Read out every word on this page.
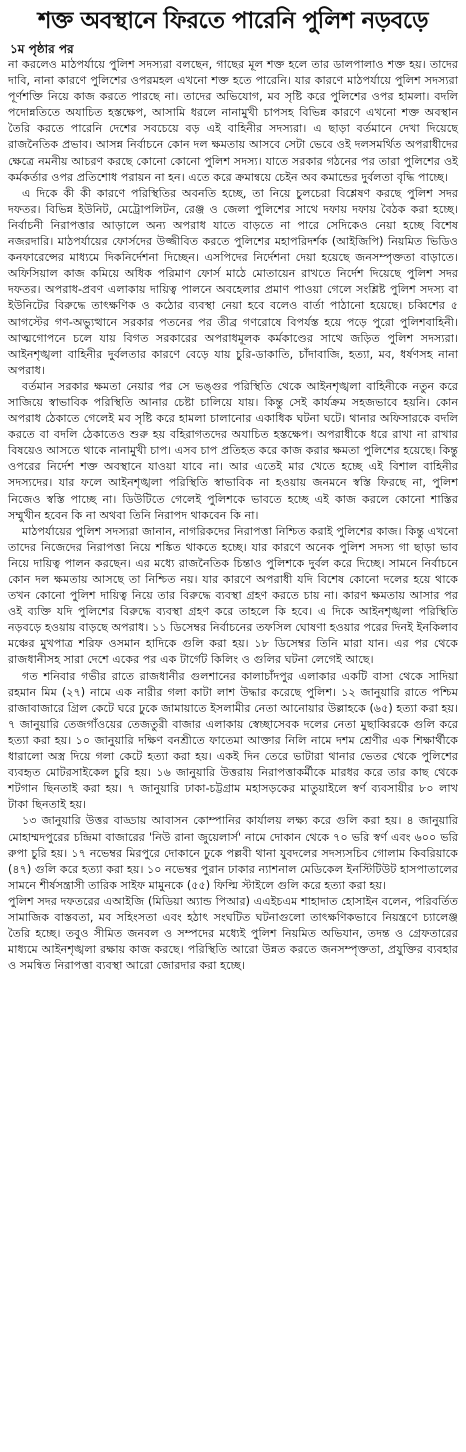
শক্ত অবস্থানে ফিরতে পারেনি পুলিশ নড়বড়ে
১ম পৃষ্ঠার পর

না করলেও মাঠপর্যায়ে পুলিশ সদস্যরা বলছেন, গাছের মূল শক্ত হলে তার ডালপালাও শক্ত হয়। তাদের দাবি, নানা কারণে পুলিশের ওপরমহল এখনো শক্ত হতে পারেনি। যার কারণে মাঠপর্যায়ে পুলিশ সদস্যরা পূর্ণশক্তি নিয়ে কাজ করতে পারছে না। তাদের অভিযোগ, মব সৃষ্টি করে পুলিশের ওপর হামলা। বদলি পদোন্নতিতে অযাচিত হস্তক্ষেপ, আসামি ধরলে নানামুখী চাপসহ বিভিন্ন কারণে এখনো শক্ত অবস্থান তৈরি করতে পারেনি দেশের সবচেয়ে বড় এই বাহিনীর সদস্যরা। এ ছাড়া বর্তমানে দেখা দিয়েছে রাজনৈতিক প্রভাব। আসন্ন নির্বাচনে কোন দল ক্ষমতায় আসবে সেটা ভেবে ওই দলসমর্থিত অপরাধীদের ক্ষেত্রে নমনীয় আচরণ করছে কোনো কোনো পুলিশ সদস্য। যাতে সরকার গঠনের পর তারা পুলিশের ওই কর্মকর্তার ওপর প্রতিশোধ পরায়ন না হন। এতে করে ক্রমান্বয়ে চেইন অব কমান্ডের দুর্বলতা বৃদ্ধি পাচ্ছে।

এ দিকে কী কী কারণে পরিস্থিতির অবনতি হচ্ছে, তা নিয়ে চুলচেরা বিশ্লেষণ করছে পুলিশ সদর দফতর। বিভিন্ন ইউনিট, মেট্রোপলিটন, রেঞ্জ ও জেলা পুলিশের সাথে দফায় দফায় বৈঠক করা হচ্ছে। নির্বাচনী নিরাপত্তার আড়ালে অন্য অপরাধ যাতে বাড়তে না পারে সেদিকেও নেয়া হচ্ছে বিশেষ নজরদারি। মাঠপর্যায়ের ফোর্সদের উজ্জীবিত করতে পুলিশের মহাপরিদর্শক (আইজিপি) নিয়মিত ভিডিও কনফারেন্সের মাধ্যমে দিকনির্দেশনা দিচ্ছেন। এসপিদের নির্দেশনা দেয়া হয়েছে জনসম্পৃক্ততা বাড়াতে। অফিসিয়াল কাজ কমিয়ে অধিক পরিমাণ ফোর্স মাঠে মোতায়েন রাখতে নির্দেশ দিয়েছে পুলিশ সদর দফতর। অপরাধ-প্রবণ এলাকায় দায়িত্ব পালনে অবহেলার প্রমাণ পাওয়া গেলে সংশ্লিষ্ট পুলিশ সদস্য বা ইউনিটের বিরুদ্ধে তাৎক্ষণিক ও কঠোর ব্যবস্থা নেয়া হবে বলেও বার্তা পাঠানো হয়েছে। চব্বিশের ৫ আগস্টের গণ-অভ্যুত্থানে সরকার পতনের পর তীব্র গণরোষে বিপর্যস্ত হয়ে পড়ে পুরো পুলিশবাহিনী। আত্মগোপনে চলে যায় বিগত সরকারের অপরাধমূলক কর্মকাণ্ডের সাথে জড়িত পুলিশ সদস্যরা। আইনশৃঙ্খলা বাহিনীর দুর্বলতার কারণে বেড়ে যায় চুরি-ডাকাতি, চাঁদাবাজি, হত্যা, মব, ধর্ষণসহ নানা অপরাধ।

বর্তমান সরকার ক্ষমতা নেয়ার পর সে ভঙ্গুর পরিস্থিতি থেকে আইনশৃঙ্খলা বাহিনীকে নতুন করে সাজিয়ে স্বাভাবিক পরিস্থিতি আনার চেষ্টা চালিয়ে যায়। কিন্তু সেই কার্যক্রম সহজভাবে হয়নি। কোন অপরাধ ঠেকাতে গেলেই মব সৃষ্টি করে হামলা চালানোর একাধিক ঘটনা ঘটে। থানার অফিসারকে বদলি করতে বা বদলি ঠেকাতেও শুরু হয় বহিরাগতদের অযাচিত হস্তক্ষেপ। অপরাধীকে ধরে রাখা না রাখার বিষয়েও আসতে থাকে নানামুখী চাপ। এসব চাপ প্রতিহত করে কাজ করার ক্ষমতা পুলিশের হয়েছে। কিন্তু ওপরের নির্দেশ শক্ত অবস্থানে যাওয়া যাবে না। আর এতেই মার খেতে হচ্ছে এই বিশাল বাহিনীর সদস্যদের। যার ফলে আইনশৃঙ্খলা পরিস্থিতি স্বাভাবিক না হওয়ায় জনমনে স্বস্তি ফিরছে না, পুলিশ নিজেও স্বস্তি পাচ্ছে না। ডিউটিতে গেলেই পুলিশকে ভাবতে হচ্ছে এই কাজ করলে কোনো শাস্তির সম্মুখীন হবেন কি না অথবা তিনি নিরাপদ থাকবেন কি না।

মাঠপর্যায়ের পুলিশ সদস্যরা জানান, নাগরিকদের নিরাপত্তা নিশ্চিত করাই পুলিশের কাজ। কিন্তু এখনো তাদের নিজেদের নিরাপত্তা নিয়ে শঙ্কিত থাকতে হচ্ছে। যার কারণে অনেক পুলিশ সদস্য গা ছাড়া ভাব নিয়ে দায়িত্ব পালন করছেন। এর মধ্যে রাজনৈতিক চিন্তাও পুলিশকে দুর্বল করে দিচ্ছে। সামনে নির্বাচনে কোন দল ক্ষমতায় আসছে তা নিশ্চিত নয়। যার কারণে অপরাধী যদি বিশেষ কোনো দলের হয়ে থাকে তখন কোনো পুলিশ দায়িত্ব নিয়ে তার বিরুদ্ধে ব্যবস্থা গ্রহণ করতে চায় না। কারণ ক্ষমতায় আসার পর ওই ব্যক্তি যদি পুলিশের বিরুদ্ধে ব্যবস্থা গ্রহণ করে তাহলে কি হবে। এ দিকে আইনশৃঙ্খলা পরিস্থিতি নড়বড়ে হওয়ায় বাড়ছে অপরাধ। ১১ ডিসেম্বর নির্বাচনের তফসিল ঘোষণা হওয়ার পরের দিনই ইনকিলাব মঞ্চের মুখপাত্র শরিফ ওসমান হাদিকে গুলি করা হয়। ১৮ ডিসেম্বর তিনি মারা যান। এর পর থেকে রাজধানীসহ সারা দেশে একের পর এক টার্গেট কিলিং ও গুলির ঘটনা লেগেই আছে।

গত শনিবার গভীর রাতে রাজধানীর গুলশানের কালাচাঁদপুর এলাকার একটি বাসা থেকে সাদিয়া রহমান মিম (২৭) নামে এক নারীর গলা কাটা লাশ উদ্ধার করেছে পুলিশ। ১২ জানুয়ারি রাতে পশ্চিম রাজাবাজারে গ্রিল কেটে ঘরে ঢুকে জামায়াতে ইসলামীর নেতা আনোয়ার উল্লাহকে (৬৫) হত্যা করা হয়। ৭ জানুয়ারি তেজগাঁওয়ের তেজতুরী বাজার এলাকায় স্বেচ্ছাসেবক দলের নেতা মুছাব্বিরকে গুলি করে হত্যা করা হয়। ১০ জানুয়ারি দক্ষিণ বনশ্রীতে ফাতেমা আক্তার নিলি নামে দশম শ্রেণীর এক শিক্ষার্থীকে ধারালো অস্ত্র দিয়ে গলা কেটে হত্যা করা হয়। একই দিন তেরে ভাটারা থানার ভেতর থেকে পুলিশের ব্যবহৃত মোটরসাইকেল চুরি হয়। ১৬ জানুয়ারি উত্তরায় নিরাপত্তাকর্মীকে মারধর করে তার কাছ থেকে শটগান ছিনতাই করা হয়। ৭ জানুয়ারি ঢাকা-চট্টগ্রাম মহাসড়কের মাতুয়াইলে স্বর্ণ ব্যবসায়ীর ৮০ লাখ টাকা ছিনতাই হয়।

১৩ জানুয়ারি উত্তর বাড্ডায় আবাসন কোম্পানির কার্যালয় লক্ষ্য করে গুলি করা হয়। ৪ জানুয়ারি মোহাম্মদপুরের চন্দ্রিমা বাজারের 'নিউ রানা জুয়েলার্স' নামে দোকান থেকে ৭০ ভরি স্বর্ণ এবং ৬০০ ভরি রুপা চুরি হয়। ১৭ নভেম্বর মিরপুরে দোকানে ঢুকে পল্লবী থানা যুবদলের সদস্যসচিব গোলাম কিবরিয়াকে (৪৭) গুলি করে হত্যা করা হয়। ১০ নভেম্বর পুরান ঢাকার ন্যাশনাল মেডিকেল ইনস্টিটিউট হাসপাতালের সামনে শীর্ষসন্ত্রাসী তারিক সাইফ মামুনকে (৫৫) ফিল্মি স্টাইলে গুলি করে হত্যা করা হয়।

পুলিশ সদর দফতরের এআইজি (মিডিয়া অ্যান্ড পিআর) এএইচএম শাহাদাত হোসাইন বলেন, পরিবর্তিত সামাজিক বাস্তবতা, মব সহিংসতা এবং হঠাৎ সংঘটিত ঘটনাগুলো তাৎক্ষণিকভাবে নিয়ন্ত্রণে চ্যালেঞ্জ তৈরি হচ্ছে। তবুও সীমিত জনবল ও সম্পদের মধ্যেই পুলিশ নিয়মিত অভিযান, তদন্ত ও গ্রেফতারের মাধ্যমে আইনশৃঙ্খলা রক্ষায় কাজ করছে। পরিস্থিতি আরো উন্নত করতে জনসম্পৃক্ততা, প্রযুক্তির ব্যবহার ও সমন্বিত নিরাপত্তা ব্যবস্থা আরো জোরদার করা হচ্ছে।
